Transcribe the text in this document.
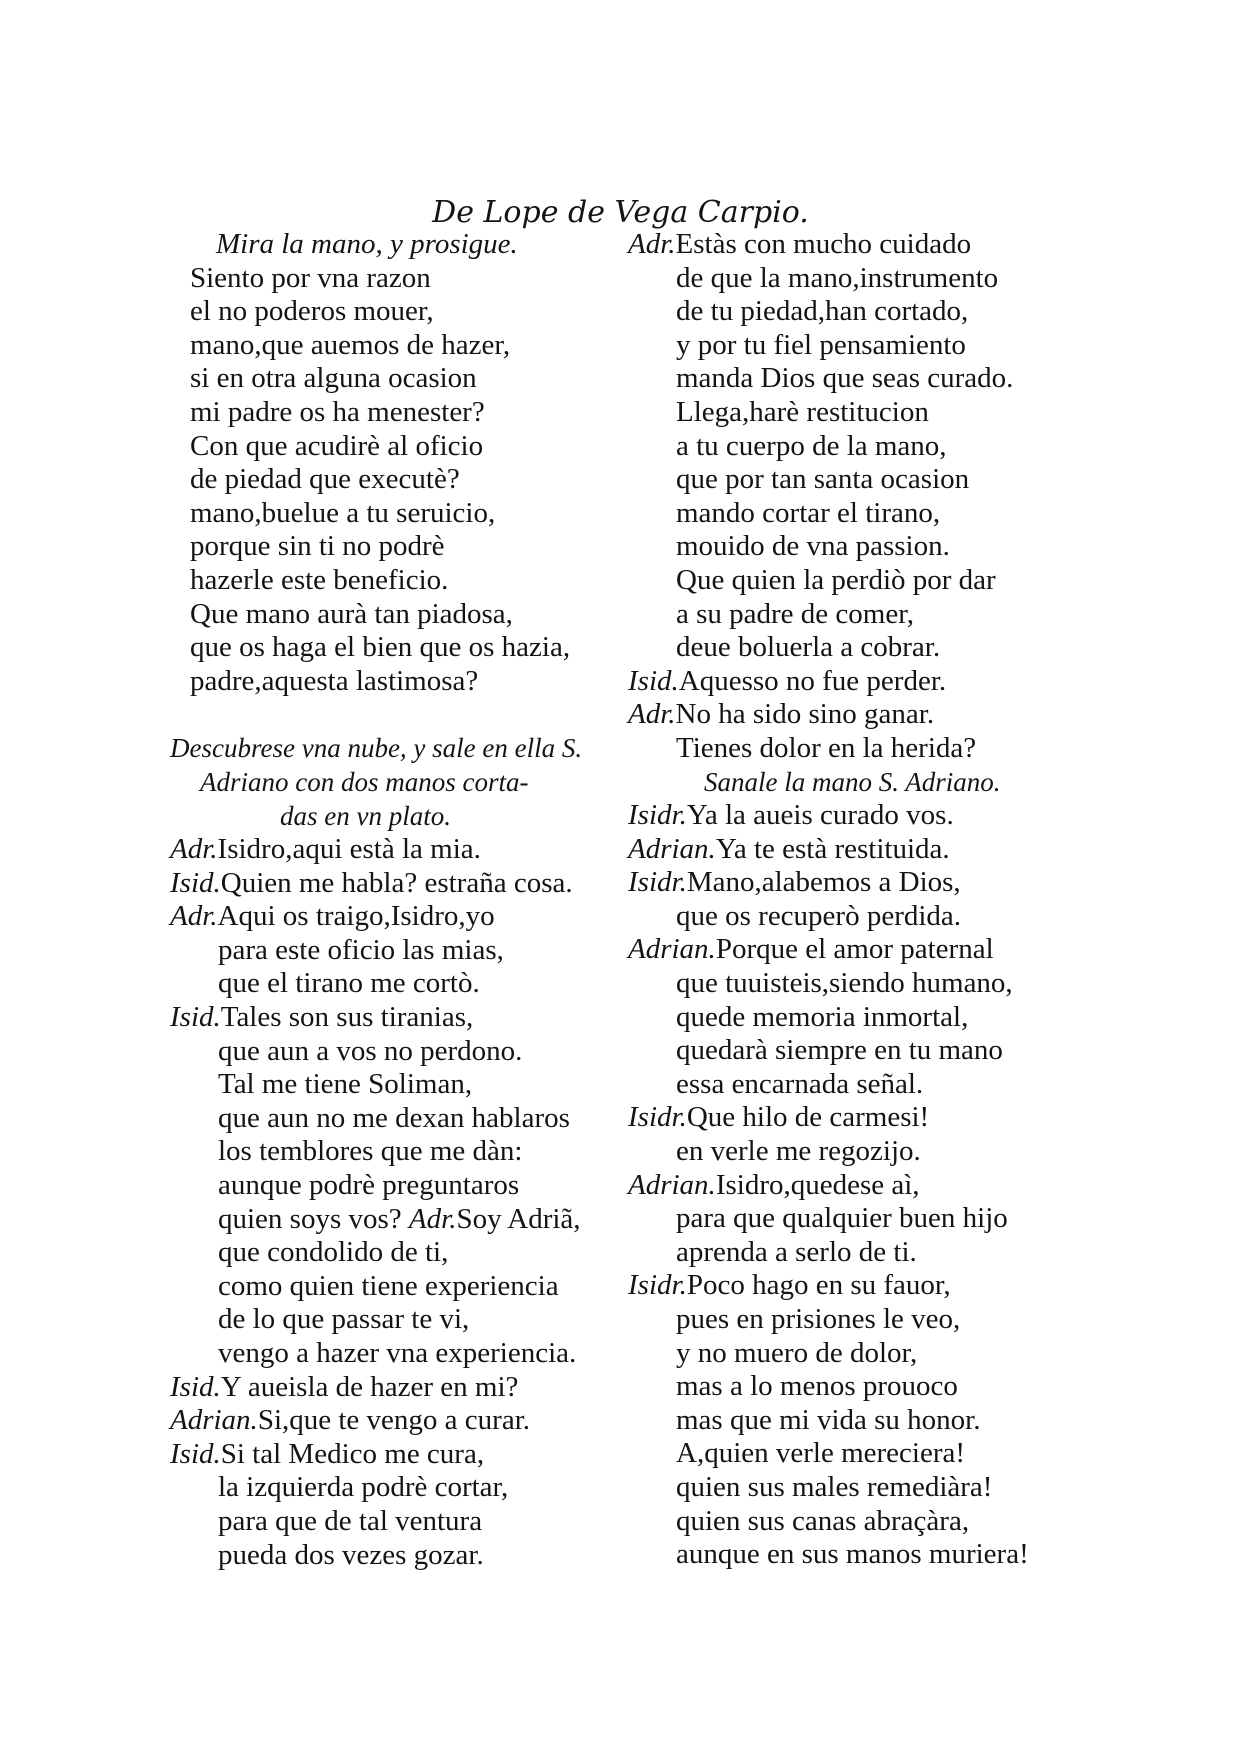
De Lope de Vega Carpio.
Mira la mano, y prosigue.
Siento por vna razon
el no poderos mouer,
mano,que auemos de hazer,
si en otra alguna ocasion
mi padre os ha menester?
Con que acudirè al oficio
de piedad que executè?
mano,buelue a tu seruicio,
porque sin ti no podrè
hazerle este beneficio.
Que mano aurà tan piadosa,
que os haga el bien que os hazia,
padre,aquesta lastimosa?
Descubrese vna nube, y sale en ella S.
Adriano con dos manos corta-
das en vn plato.
Adr.Isidro,aqui està la mia.
Isid.Quien me habla? estraña cosa.
Adr.Aqui os traigo,Isidro,yo
para este oficio las mias,
que el tirano me cortò.
Isid.Tales son sus tiranias,
que aun a vos no perdono.
Tal me tiene Soliman,
que aun no me dexan hablaros
los temblores que me dàn:
aunque podrè preguntaros
quien soys vos? Adr.Soy Adriã,
que condolido de ti,
como quien tiene experiencia
de lo que passar te vi,
vengo a hazer vna experiencia.
Isid.Y aueisla de hazer en mi?
Adrian.Si,que te vengo a curar.
Isid.Si tal Medico me cura,
la izquierda podrè cortar,
para que de tal ventura
pueda dos vezes gozar.
Adr.Estàs con mucho cuidado
de que la mano,instrumento
de tu piedad,han cortado,
y por tu fiel pensamiento
manda Dios que seas curado.
Llega,harè restitucion
a tu cuerpo de la mano,
que por tan santa ocasion
mando cortar el tirano,
mouido de vna passion.
Que quien la perdiò por dar
a su padre de comer,
deue boluerla a cobrar.
Isid.Aquesso no fue perder.
Adr.No ha sido sino ganar.
Tienes dolor en la herida?
Sanale la mano S. Adriano.
Isidr.Ya la aueis curado vos.
Adrian.Ya te està restituida.
Isidr.Mano,alabemos a Dios,
que os recuperò perdida.
Adrian.Porque el amor paternal
que tuuisteis,siendo humano,
quede memoria inmortal,
quedarà siempre en tu mano
essa encarnada señal.
Isidr.Que hilo de carmesi!
en verle me regozijo.
Adrian.Isidro,quedese aì,
para que qualquier buen hijo
aprenda a serlo de ti.
Isidr.Poco hago en su fauor,
pues en prisiones le veo,
y no muero de dolor,
mas a lo menos prouoco
mas que mi vida su honor.
A,quien verle mereciera!
quien sus males remediàra!
quien sus canas abraçàra,
aunque en sus manos muriera!
